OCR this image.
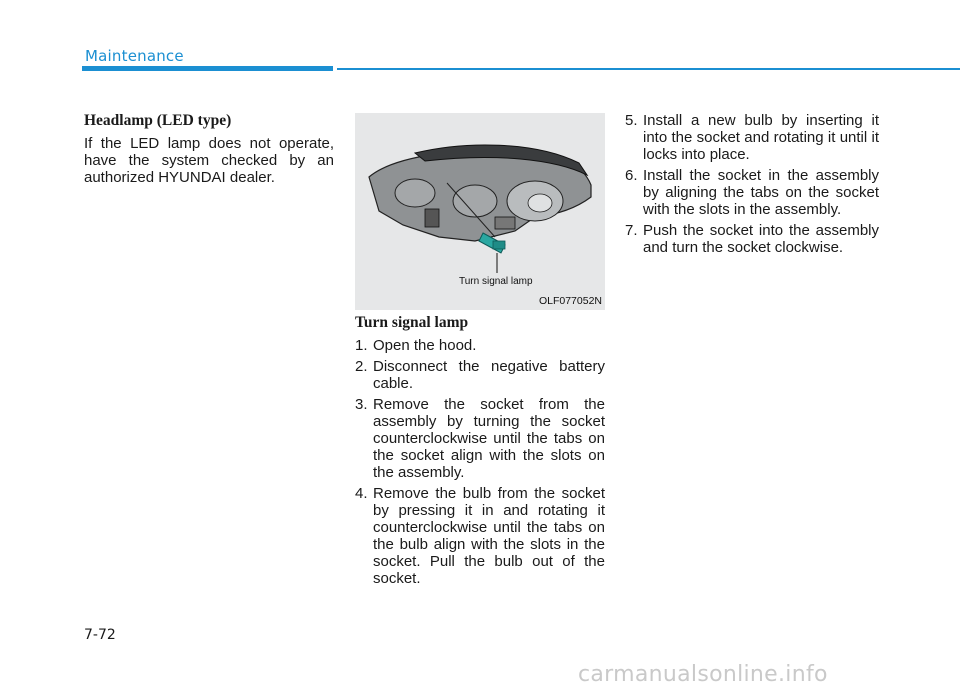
Maintenance
Headlamp (LED type)

If the LED lamp does not operate, have the system checked by an authorized HYUNDAI dealer.

Turn signal lamp
OLF077052N
Turn signal lamp
1. Open the hood.
2. Disconnect the negative battery cable.
3. Remove the socket from the assembly by turning the socket counterclockwise until the tabs on the socket align with the slots on the assembly.
4. Remove the bulb from the socket by pressing it in and rotating it counterclockwise until the tabs on the bulb align with the slots in the socket. Pull the bulb out of the socket.
5. Install a new bulb by inserting it into the socket and rotating it until it locks into place.
6. Install the socket in the assembly by aligning the tabs on the socket with the slots in the assembly.
7. Push the socket into the assembly and turn the socket clockwise.
7-72
carmanualsonline.info
